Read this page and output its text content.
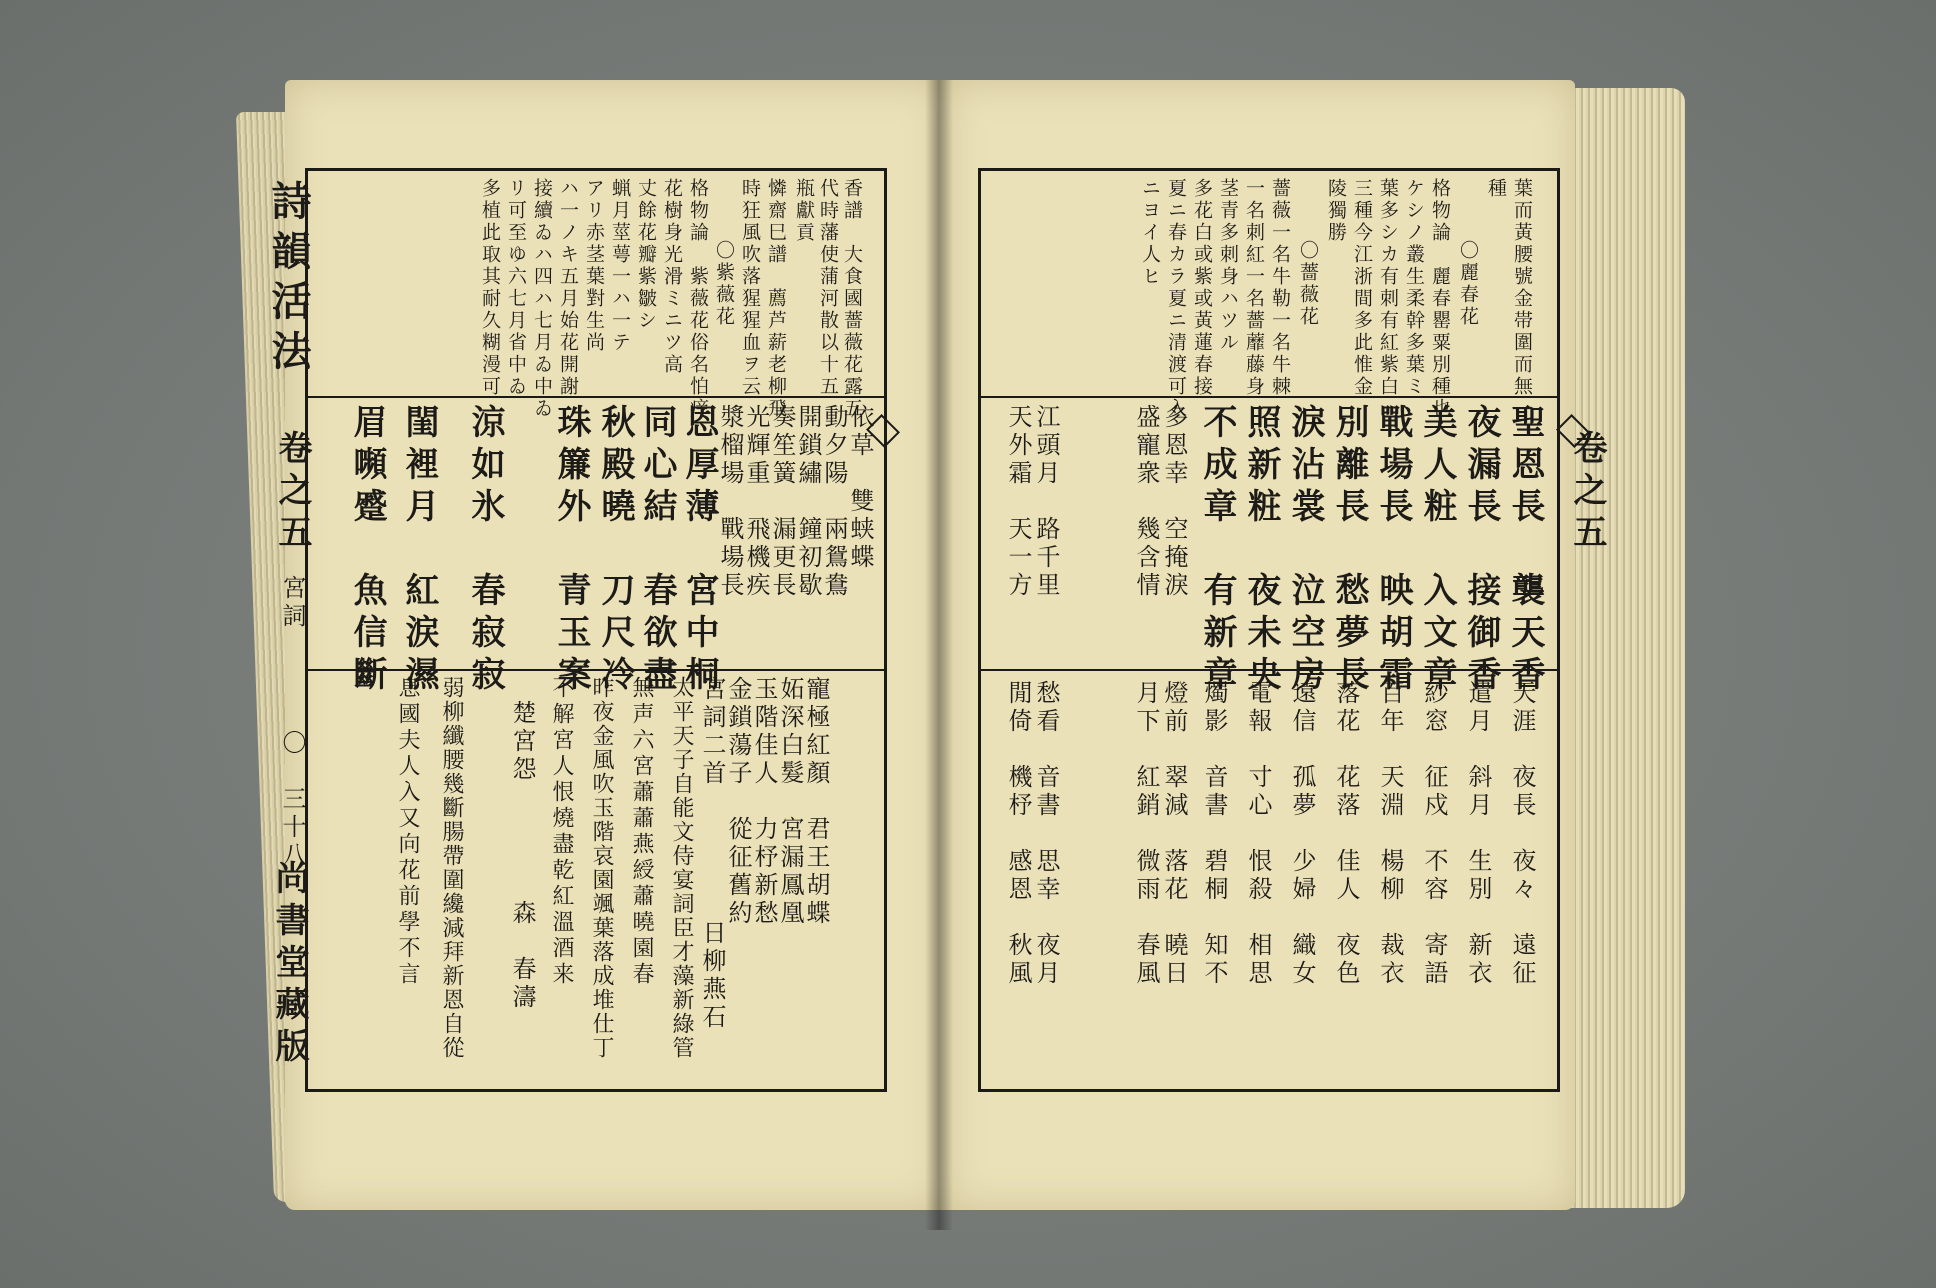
詩韻活法
卷之五
宮詞
〇　三十八
尚書堂藏版
香譜　大食國薔薇花露五
代時藩使蒲河散以十五
瓶獻貢
憐齋巳譜　薦芦薪老柳飛
時狂風吹落猩猩血ヲ云
〇紫薇花
格物論　紫薇花俗名怕痒
花樹身光滑ミニツ高
丈餘花瓣紫皺シ
蝋月莖萼一ハ一テ
アリ赤茎葉對生尚
ハ一ノキ五月始花開謝
接續ゐハ四ハ七月ゐ中ゐ
リ可至ゆ六七月省中ゐ
多植此取其耐久糊漫可
依草　雙蛱蝶
動夕陽　兩鴛鴦
開鎖繡　鐘初歇
奏笙簧　漏更長
光輝重　飛機疾
漿榴場　戰場長
恩厚薄　宮中桐
同心結　春欲盡
秋殿曉　刀尺冷
珠簾外　青玉案
涼如氷　春寂寂
閨裡月　紅涙濕
眉嚬蹙　魚信斷
寵極紅顏　君王胡蝶
妬深白髮　宮漏鳳凰
玉階佳人　力杼新愁
金鎖蕩子　從征舊約
宮詞二首
日柳燕石
太平天子自能文侍宴詞臣才藻新綠管
無声六宮蕭蕭燕綬蕭曉園春
昨夜金風吹玉階哀園颯葉落成堆仕丁
不解宮人恨燒盡乾紅溫酒来
楚宮怨
森　春濤
弱柳纖腰幾斷腸帶圍纔減拜新恩自從
息國夫人入又向花前學不言
卷之五
葉而黃腰號金帯圍而無
種
〇麗春花
格物論　麗春罌粟別種也
ケシノ叢生柔幹多葉ミ
葉多シカ有刺有紅紫白
三種今江浙間多此惟金
陵獨勝
〇薔薇花
薔薇一名牛勒一名牛棘
一名刺紅一名薔蘼藤身
茎青多刺身ハツル
多花白或紫或黃蓮春接
夏ニ春カラ夏ニ清渡可入
ニヨイ人ヒ
聖恩長　襲天香
夜漏長　接御香
美人粧　入文章
戰場長　映胡霜
別離長　愁夢長
淚沾裳　泣空房
照新粧　夜未央
不成章　有新章
多恩幸　空掩淚
盛寵衆　幾含情
江頭月　路千里
天外霜　天一方
天涯　夜長　夜々　遠征
遣月　斜月　生別　新衣
紗窓　征戍　不容　寄語
百年　天淵　楊柳　裁衣
落花　花落　佳人　夜色
遠信　孤夢　少婦　織女
電報　寸心　恨殺　相思
燭影　音書　碧桐　知不
燈前　翠減　落花　曉日
月下　紅銷　微雨　春風
愁看　音書　思幸　夜月
閒倚　機杼　感恩　秋風
